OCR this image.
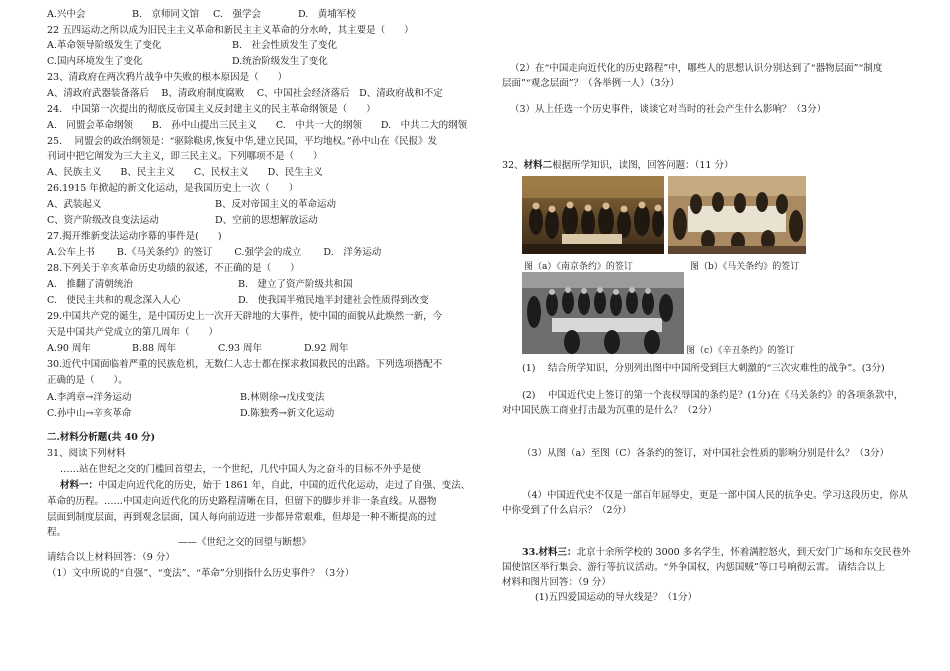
A.兴中会	B.　京师同文馆 C.　强学会	D.　黄埔军校
22 五四运动之所以成为旧民主主义革命和新民主主义革命的分水岭，其主要是（　　）
A.革命领导阶级发生了变化	B.　社会性质发生了变化
C.国内环境发生了变化	D.统治阶级发生了变化
23、清政府在两次鸦片战争中失败的根本原因是（　　）
A、清政府武器装备落后　 B、清政府制度腐败　 C、中国社会经济落后　D、清政府战和不定
24.　中国第一次提出的彻底反帝国主义反封建主义的民主革命纲领是（　　）
A.　同盟会革命纲领　　B.　孙中山提出三民主义　　C.　中共一大的纲领　　D.　中共二大的纲领
25.　 同盟会的政治纲领是：“驱除鞑虏,恢复中华,建立民国，平均地权。”孙中山在《民报》发
刊词中把它阐发为三大主义，即三民主义。下列哪项不是（　　）
A、民族主义　　B、民主主义　　C、民权主义　　D、民生主义
26.1915 年掀起的新文化运动，是我国历史上一次（　　）
A、武装起义	B、反对帝国主义的革命运动
C、资产阶级改良变法运动	D、空前的思想解放运动
27.揭开维新变法运动序幕的事件是(　　)
A.公车上书　　 B.《马关条约》的签订　　 C.强学会的成立　　 D.　洋务运动
28.下列关于辛亥革命历史功绩的叙述，不正确的是（　　）
A.　推翻了清朝统治	B.　建立了资产阶级共和国
C.　使民主共和的观念深入人心	D.　使我国半殖民地半封建社会性质得到改变
29.中国共产党的诞生，是中国历史上一次开天辟地的大事件，使中国的面貌从此焕然一新，今
天是中国共产党成立的第几周年（　　）
A.90 周年	B.88 周年	C.93 周年	D.92 周年
30.近代中国面临着严重的民族危机，无数仁人志士都在探求救国救民的出路。下列选项搭配不
正确的是（　　）。
A.李鸿章→洋务运动	B.林则徐→戊戌变法
C.孙中山→辛亥革命	D.陈独秀→新文化运动
二.材料分析题(共 40 分)
31、阅读下列材料
……站在世纪之交的门槛回首望去，一个世纪，几代中国人为之奋斗的目标不外乎是使
材料一：中国走向近代化的历史，始于 1861 年，自此，中国的近代化运动，走过了自强、变法、
革命的历程。……中国走向近代化的历史路程清晰在目，但留下的脚步并非一条直线。从器物
层面到制度层面，再到观念层面，国人每向前迈进一步都异常艰难，但却是一种不断提高的过
程。
——《世纪之交的回望与断想》
请结合以上材料回答：（9 分）
（1）文中所说的“自强”、“变法”、“革命”分别指什么历史事件？（3分）
（2）在“中国走向近代化的历史路程”中，哪些人的思想认识分别达到了“器物层面”“制度
层面”“观念层面”？（各举例一人）（3分）
（3）从上任选一个历史事件，谈谈它对当时的社会产生什么影响？（3分）
32、材料二根据所学知识，读图，回答问题：（11 分）
图（a）《南京条约》的签订	图（b）《马关条约》的签订
图（c）《辛丑条约》的签订
(1)　 结合所学知识，分别列出图中中国所受到巨大刺激的“三次灾难性的战争”。(3分)
(2)　 中国近代史上签订的第一个丧权辱国的条约是？(1分)在《马关条约》的各项条款中，
对中国民族工商业打击最为沉重的是什么？（2分）
（3）从图（a）至图（C）各条约的签订，对中国社会性质的影响分别是什么？（3分）
（4）中国近代史不仅是一部百年屈辱史，更是一部中国人民的抗争史。学习这段历史，你从
中你受到了什么启示？（2分）
33.材料三：北京十余所学校的 3000 多名学生，怀着满腔怒火，到天安门广场和东交民巷外
国使馆区举行集会、游行等抗议活动。“外争国权，内惩国贼”等口号响彻云霄。 请结合以上
材料和图片回答：（9 分）
(1)五四爱国运动的导火线是？（1分）
